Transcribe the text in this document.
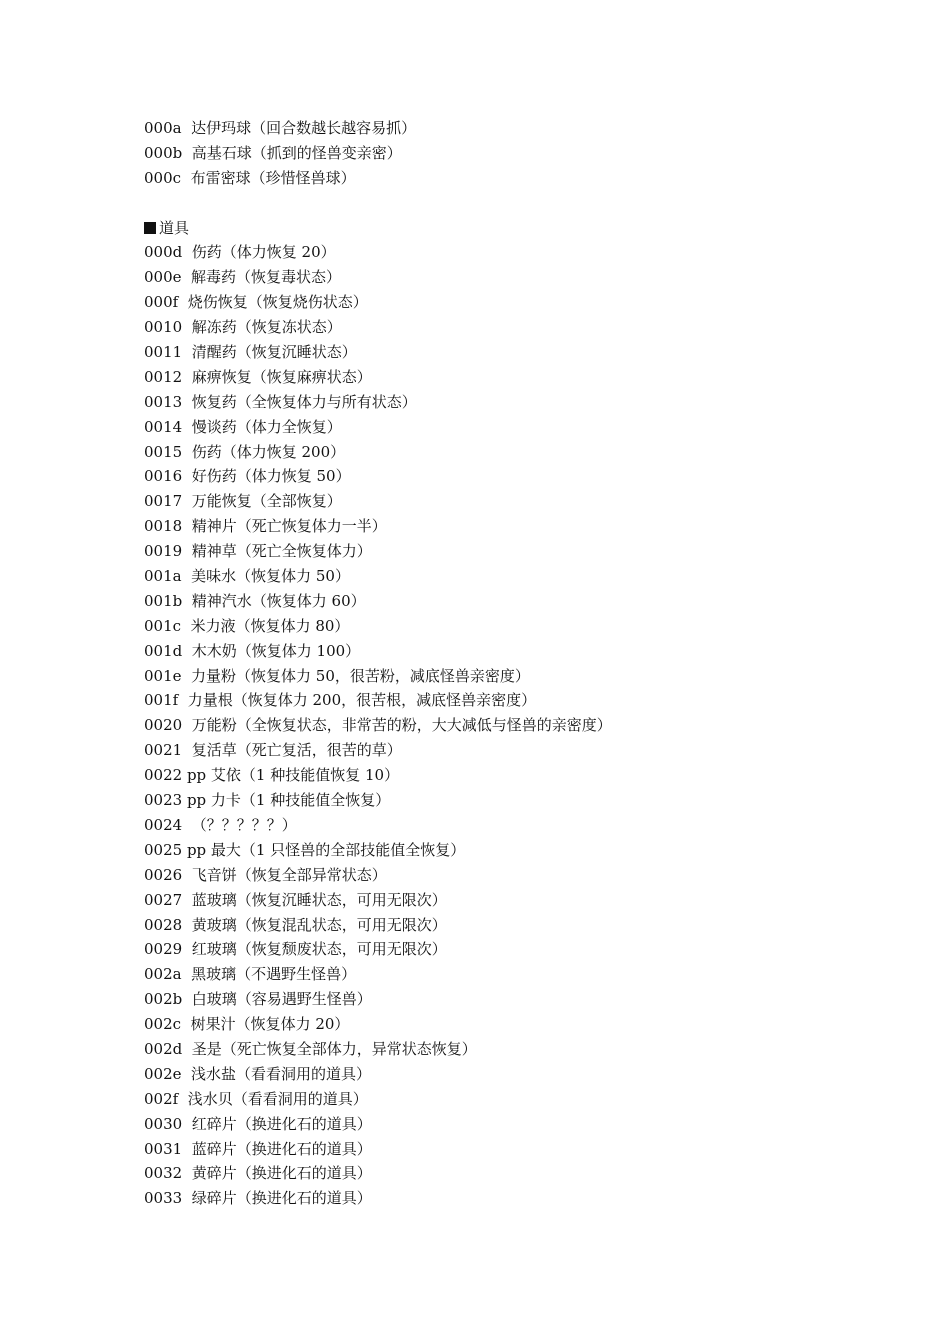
000a  达伊玛球（回合数越长越容易抓）
000b  高基石球（抓到的怪兽变亲密）
000c  布雷密球（珍惜怪兽球）
道具
000d  伤药（体力恢复 20）
000e  解毒药（恢复毒状态）
000f  烧伤恢复（恢复烧伤状态）
0010  解冻药（恢复冻状态）
0011  清醒药（恢复沉睡状态）
0012  麻痹恢复（恢复麻痹状态）
0013  恢复药（全恢复体力与所有状态）
0014  慢谈药（体力全恢复）
0015  伤药（体力恢复 200）
0016  好伤药（体力恢复 50）
0017  万能恢复（全部恢复）
0018  精神片（死亡恢复体力一半）
0019  精神草（死亡全恢复体力）
001a  美味水（恢复体力 50）
001b  精神汽水（恢复体力 60）
001c  米力液（恢复体力 80）
001d  木木奶（恢复体力 100）
001e  力量粉（恢复体力 50，很苦粉，减底怪兽亲密度）
001f  力量根（恢复体力 200，很苦根，减底怪兽亲密度）
0020  万能粉（全恢复状态，非常苦的粉，大大减低与怪兽的亲密度）
0021  复活草（死亡复活，很苦的草）
0022 pp 艾依（1 种技能值恢复 10）
0023 pp 力卡（1 种技能值全恢复）
0024  （？？？？？）
0025 pp 最大（1 只怪兽的全部技能值全恢复）
0026  飞音饼（恢复全部异常状态）
0027  蓝玻璃（恢复沉睡状态，可用无限次）
0028  黄玻璃（恢复混乱状态，可用无限次）
0029  红玻璃（恢复颓废状态，可用无限次）
002a  黑玻璃（不遇野生怪兽）
002b  白玻璃（容易遇野生怪兽）
002c  树果汁（恢复体力 20）
002d  圣是（死亡恢复全部体力，异常状态恢复）
002e  浅水盐（看看洞用的道具）
002f  浅水贝（看看洞用的道具）
0030  红碎片（换进化石的道具）
0031  蓝碎片（换进化石的道具）
0032  黄碎片（换进化石的道具）
0033  绿碎片（换进化石的道具）
